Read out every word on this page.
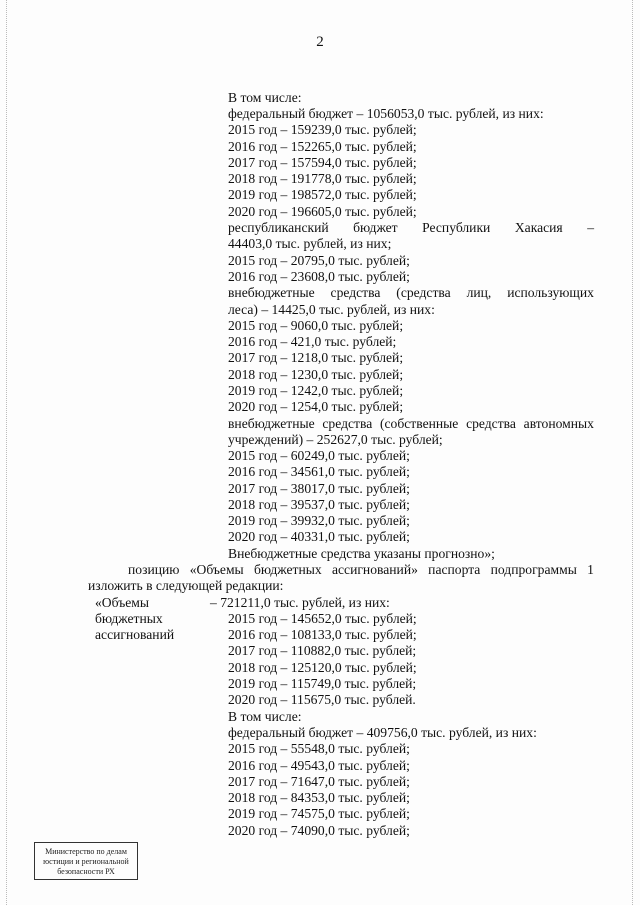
2
В том числе:
федеральный бюджет – 1056053,0 тыс. рублей, из них:
2015 год – 159239,0 тыс. рублей;
2016 год – 152265,0 тыс. рублей;
2017 год – 157594,0 тыс. рублей;
2018 год – 191778,0 тыс. рублей;
2019 год – 198572,0 тыс. рублей;
2020 год – 196605,0 тыс. рублей;
44403,0 тыс. рублей, из них;
2015 год – 20795,0 тыс. рублей;
2016 год – 23608,0 тыс. рублей;
леса) – 14425,0 тыс. рублей, из них:
2015 год – 9060,0 тыс. рублей;
2016 год – 421,0 тыс. рублей;
2017 год – 1218,0 тыс. рублей;
2018 год – 1230,0 тыс. рублей;
2019 год – 1242,0 тыс. рублей;
2020 год – 1254,0 тыс. рублей;
учреждений) – 252627,0 тыс. рублей;
2015 год – 60249,0 тыс. рублей;
2016 год – 34561,0 тыс. рублей;
2017 год – 38017,0 тыс. рублей;
2018 год – 39537,0 тыс. рублей;
2019 год – 39932,0 тыс. рублей;
2020 год – 40331,0 тыс. рублей;
Внебюджетные средства указаны прогнозно»;
изложить в следующей редакции:
«Объемы	– 721211,0 тыс. рублей, из них:
бюджетных	2015 год – 145652,0 тыс. рублей;
ассигнований	2016 год – 108133,0 тыс. рублей;
2017 год – 110882,0 тыс. рублей;
2018 год – 125120,0 тыс. рублей;
2019 год – 115749,0 тыс. рублей;
2020 год – 115675,0 тыс. рублей.
В том числе:
федеральный бюджет – 409756,0 тыс. рублей, из них:
2015 год – 55548,0 тыс. рублей;
2016 год – 49543,0 тыс. рублей;
2017 год – 71647,0 тыс. рублей;
2018 год – 84353,0 тыс. рублей;
2019 год – 74575,0 тыс. рублей;
2020 год – 74090,0 тыс. рублей;
республиканский бюджет Республики Хакасия –
внебюджетные средства (средства лиц, использующих
внебюджетные средства (собственные средства автономных
позицию «Объемы бюджетных ассигнований» паспорта подпрограммы 1
Министерство по делам
юстиции и региональной
безопасности РХ
